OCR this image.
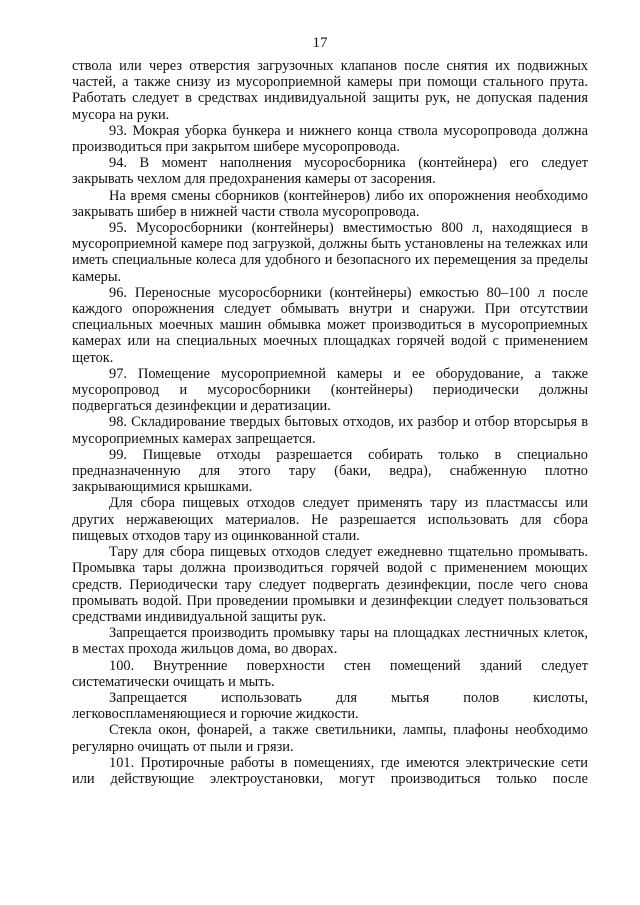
17

ствола или через отверстия загрузочных клапанов после снятия их подвижных частей, а также снизу из мусороприемной камеры при помощи стального прута. Работать следует в средствах индивидуальной защиты рук, не допуская падения мусора на руки.

93. Мокрая уборка бункера и нижнего конца ствола мусоропровода должна производиться при закрытом шибере мусоропровода.

94. В момент наполнения мусоросборника (контейнера) его следует закрывать чехлом для предохранения камеры от засорения.

На время смены сборников (контейнеров) либо их опорожнения необходимо закрывать шибер в нижней части ствола мусоропровода.

95. Мусоросборники (контейнеры) вместимостью 800 л, находящиеся в мусороприемной камере под загрузкой, должны быть установлены на тележках или иметь специальные колеса для удобного и безопасного их перемещения за пределы камеры.

96. Переносные мусоросборники (контейнеры) емкостью 80–100 л после каждого опорожнения следует обмывать внутри и снаружи. При отсутствии специальных моечных машин обмывка может производиться в мусороприемных камерах или на специальных моечных площадках горячей водой с применением щеток.

97. Помещение мусороприемной камеры и ее оборудование, а также мусоропровод и мусоросборники (контейнеры) периодически должны подвергаться дезинфекции и дератизации.

98. Складирование твердых бытовых отходов, их разбор и отбор вторсырья в мусороприемных камерах запрещается.

99. Пищевые отходы разрешается собирать только в специально предназначенную для этого тару (баки, ведра), снабженную плотно закрывающимися крышками.

Для сбора пищевых отходов следует применять тару из пластмассы или других нержавеющих материалов. Не разрешается использовать для сбора пищевых отходов тару из оцинкованной стали.

Тару для сбора пищевых отходов следует ежедневно тщательно промывать. Промывка тары должна производиться горячей водой с применением моющих средств. Периодически тару следует подвергать дезинфекции, после чего снова промывать водой. При проведении промывки и дезинфекции следует пользоваться средствами индивидуальной защиты рук.

Запрещается производить промывку тары на площадках лестничных клеток, в местах прохода жильцов дома, во дворах.

100. Внутренние поверхности стен помещений зданий следует систематически очищать и мыть.

Запрещается использовать для мытья полов кислоты, легковоспламеняющиеся и горючие жидкости.

Стекла окон, фонарей, а также светильники, лампы, плафоны необходимо регулярно очищать от пыли и грязи.

101. Протирочные работы в помещениях, где имеются электрические сети или действующие электроустановки, могут производиться только после
